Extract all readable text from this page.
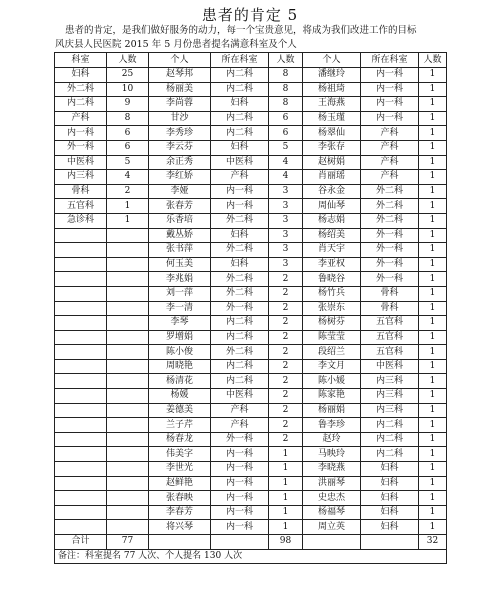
患者的肯定 5

患者的肯定，是我们做好服务的动力，每一个宝贵意见，将成为我们改进工作的目标

风庆县人民医院 2015 年 5 月份患者提名满意科室及个人

科室	人数	个人	所在科室	人数	个人	所在科室	人数
妇科	25	赵琴邦	内二科	8	潘继玲	内一科	1
外二科	10	杨丽美	内二科	8	杨祖琦	内一科	1
内二科	9	李尚蓉	妇科	8	王海燕	内一科	1
产科	8	甘沙	内二科	6	杨玉瑾	内一科	1
内一科	6	李秀珍	内二科	6	杨翠仙	产科	1
外一科	6	李云芬	妇科	5	李张存	产科	1
中医科	5	余正秀	中医科	4	赵树娟	产科	1
内三科	4	李红娇	产科	4	肖丽瑶	产科	1
骨科	2	李娅	内一科	3	谷永金	外二科	1
五官科	1	张春芳	内一科	3	周仙琴	外二科	1
急诊科	1	乐香培	外二科	3	杨志娟	外二科	1
		戴丛娇	妇科	3	杨绍美	外一科	1
		张书萍	外二科	3	肖天宇	外一科	1
		何玉美	妇科	3	李亚权	外一科	1
		李兆娟	外二科	2	鲁晓谷	外一科	1
		刘一萍	外二科	2	杨竹兵	骨科	1
		李一清	外一科	2	张崇东	骨科	1
		李琴	内二科	2	杨树芬	五官科	1
		罗增娟	内二科	2	陈莹莹	五官科	1
		陈小俊	外二科	2	段绍兰	五官科	1
		周晓艳	内二科	2	李文月	中医科	1
		杨清花	内二科	2	陈小媛	内三科	1
		杨媛	中医科	2	陈家艳	内三科	1
		姜德美	产科	2	杨丽娟	内三科	1
		兰子芹	产科	2	鲁李珍	内二科	1
		杨春龙	外一科	2	赵玲	内二科	1
		伟美字	内一科	1	马映玲	内二科	1
		李世光	内一科	1	李晓燕	妇科	1
		赵鲜艳	内一科	1	洪丽琴	妇科	1
		张春映	内一科	1	史忠杰	妇科	1
		李春芳	内一科	1	杨福琴	妇科	1
		将兴琴	内一科	1	周立英	妇科	1
合计	77			98			32
备注：科室提名 77 人次、个人提名 130 人次							
